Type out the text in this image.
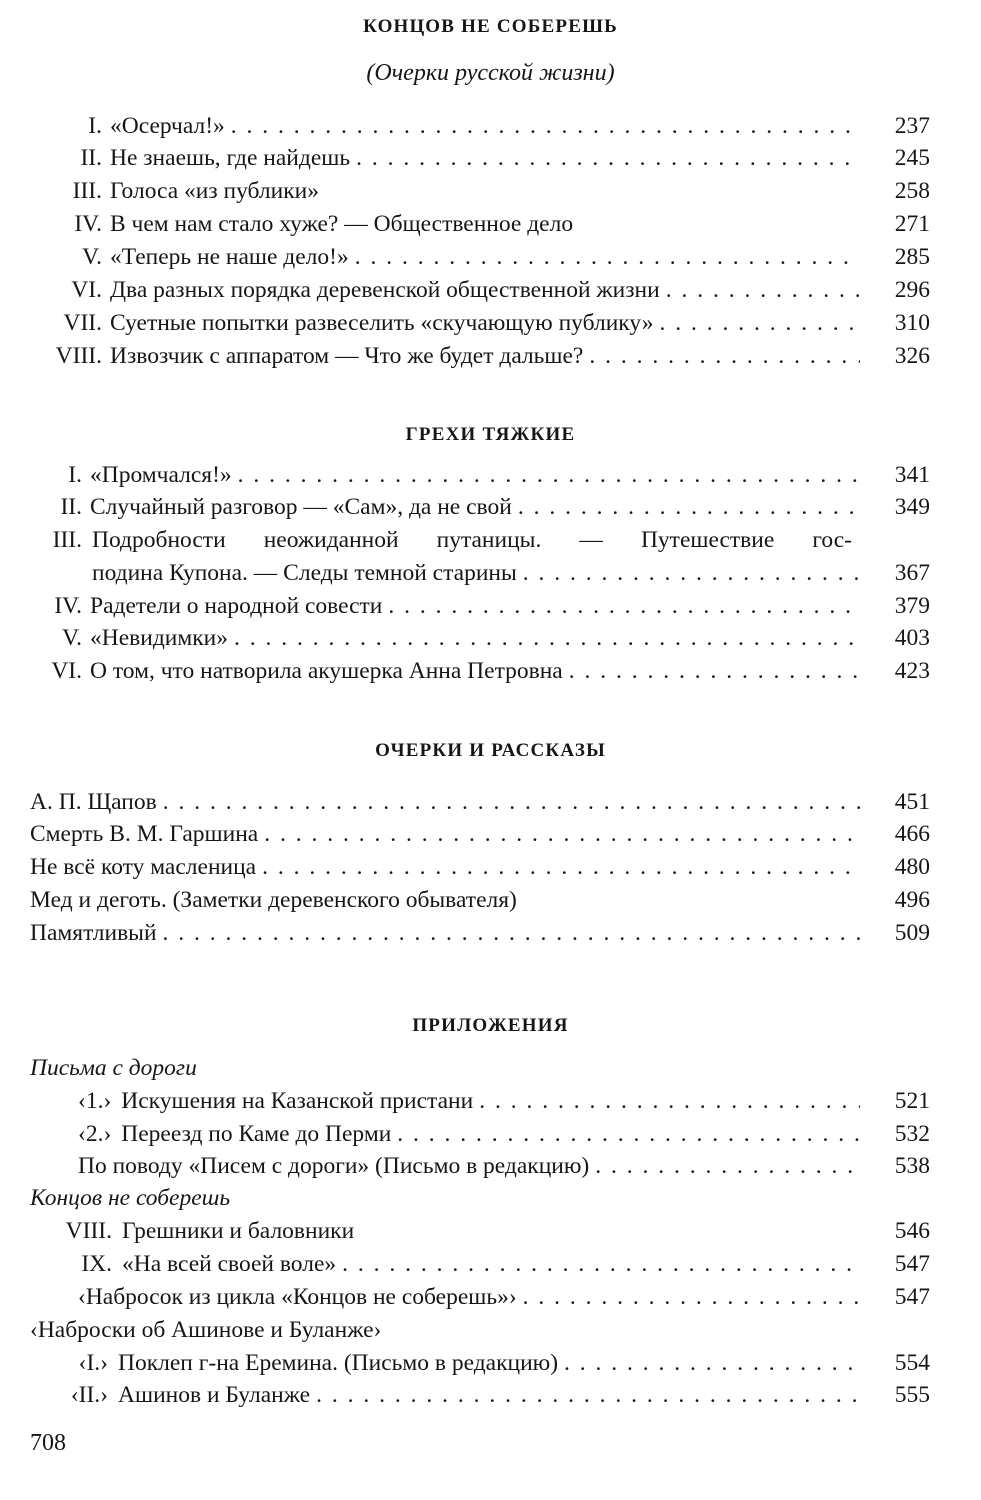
КОНЦОВ НЕ СОБЕРЕШЬ
(Очерки русской жизни)
I. «Осерчал!» . . .	237
II. Не знаешь, где найдешь . . .	245
III. Голоса «из публики»	258
IV. В чем нам стало хуже? — Общественное дело	271
V. «Теперь не наше дело!» . . .	285
VI. Два разных порядка деревенской общественной жизни . . .	296
VII. Суетные попытки развеселить «скучающую публику» . . .	310
VIII. Извозчик с аппаратом — Что же будет дальше? . . .	326
ГРЕХИ ТЯЖКИЕ
I. «Промчался!» . . .	341
II. Случайный разговор — «Сам», да не свой . . .	349
III. Подробности неожиданной путаницы. — Путешествие гос-
подина Купона. — Следы темной старины . . .	367
IV. Радетели о народной совести . . .	379
V. «Невидимки» . . .	403
VI. О том, что натворила акушерка Анна Петровна . . .	423
ОЧЕРКИ И РАССКАЗЫ
А. П. Щапов . . .	451
Смерть В. М. Гаршина . . .	466
Не всё коту масленица . . .	480
Мед и деготь. (Заметки деревенского обывателя)	496
Памятливый . . .	509
ПРИЛОЖЕНИЯ
Письма с дороги
‹1.› Искушения на Казанской пристани . . .	521
‹2.› Переезд по Каме до Перми . . .	532
По поводу «Писем с дороги» (Письмо в редакцию) . . .	538
Концов не соберешь
VIII. Грешники и баловники	546
IX. «На всей своей воле» . . .	547
‹Набросок из цикла «Концов не соберешь»› . . .	547
‹Наброски об Ашинове и Буланже›
‹I.› Поклеп г-на Еремина. (Письмо в редакцию) . . .	554
‹II.› Ашинов и Буланже . . .	555
708
